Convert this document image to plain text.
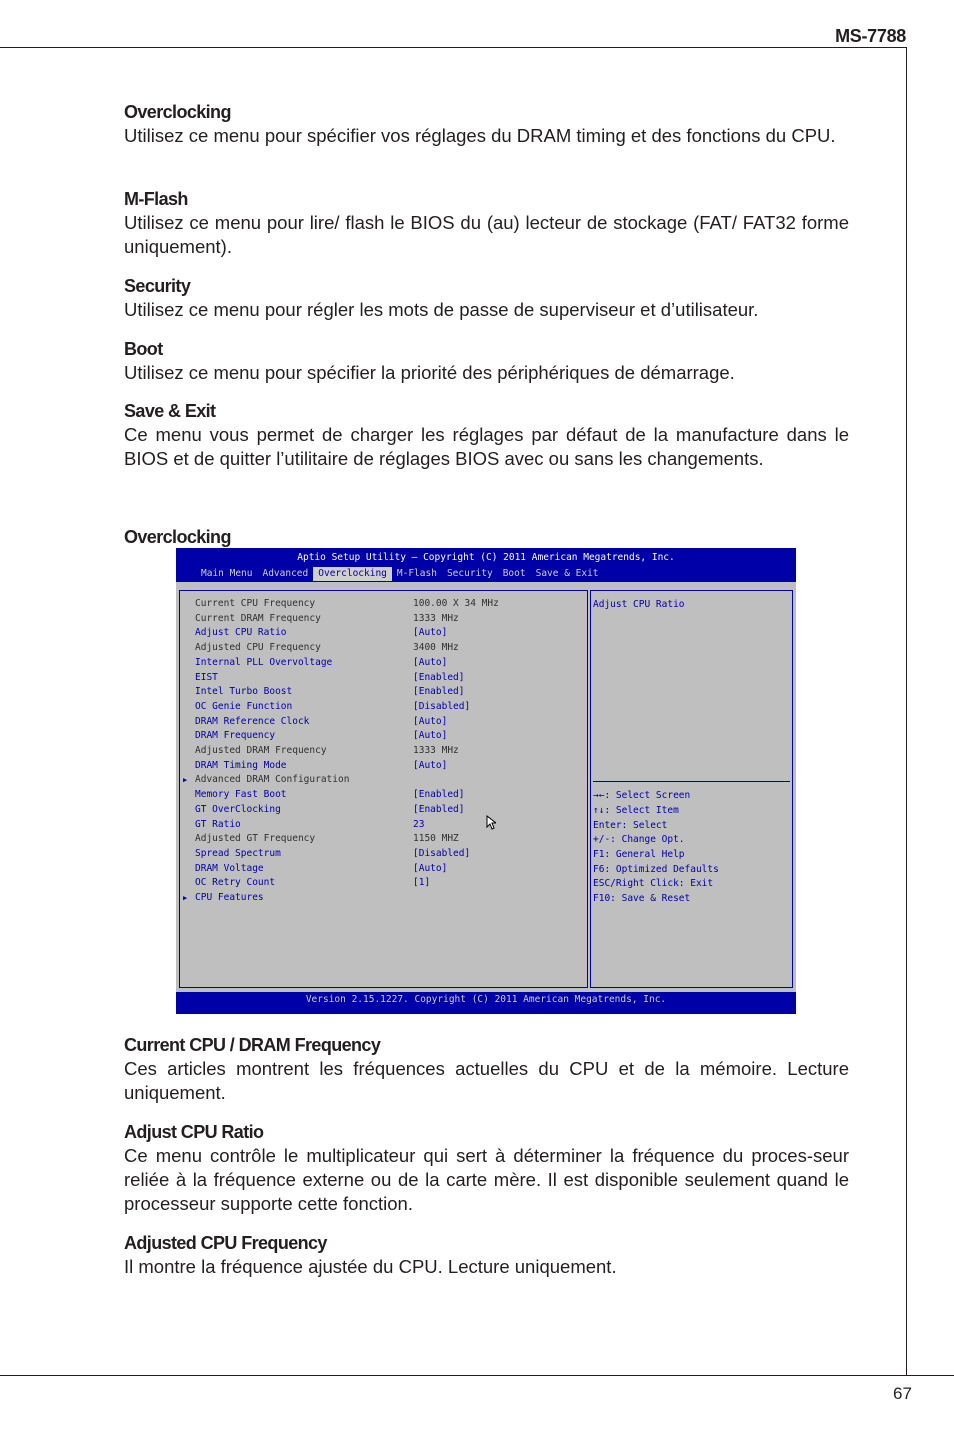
MS-7788
Overclocking

Utilisez ce menu pour spécifier vos réglages du DRAM timing et des fonctions du CPU.

M-Flash

Utilisez ce menu pour lire/ flash le BIOS du (au) lecteur de stockage (FAT/ FAT32 forme uniquement).

Security

Utilisez ce menu pour régler les mots de passe de superviseur et d’utilisateur.

Boot

Utilisez ce menu pour spécifier la priorité des périphériques de démarrage.

Save & Exit

Ce menu vous permet de charger les réglages par défaut de la manufacture dans le BIOS et de quitter l’utilitaire de réglages BIOS avec ou sans les changements.

Overclocking
Aptio Setup Utility – Copyright (C) 2011 American Megatrends, Inc.
Main Menu	Advanced	Overclocking	M-Flash	Security	Boot	Save & Exit
Current CPU Frequency	100.00 X 34 MHz
Current DRAM Frequency	1333 MHz
Adjust CPU Ratio	[Auto]
Adjusted CPU Frequency	3400 MHz
Internal PLL Overvoltage	[Auto]
EIST	[Enabled]
Intel Turbo Boost	[Enabled]
OC Genie Function	[Disabled]
DRAM Reference Clock	[Auto]
DRAM Frequency	[Auto]
Adjusted DRAM Frequency	1333 MHz
DRAM Timing Mode	[Auto]
▶ Advanced DRAM Configuration
Memory Fast Boot	[Enabled]
GT OverClocking	[Enabled]
GT Ratio	23
Adjusted GT Frequency	1150 MHZ
Spread Spectrum	[Disabled]
DRAM Voltage	[Auto]
OC Retry Count	[1]
▶ CPU Features
Adjust CPU Ratio
→←: Select Screen
↑↓: Select Item
Enter: Select
+/-: Change Opt.
F1: General Help
F6: Optimized Defaults
ESC/Right Click: Exit
F10: Save & Reset
Version 2.15.1227. Copyright (C) 2011 American Megatrends, Inc.
Current CPU / DRAM Frequency

Ces articles montrent les fréquences actuelles du CPU et de la mémoire. Lecture uniquement.

Adjust CPU Ratio

Ce menu contrôle le multiplicateur qui sert à déterminer la fréquence du proces-seur reliée à la fréquence externe ou de la carte mère. Il est disponible seulement quand le processeur supporte cette fonction.

Adjusted CPU Frequency

Il montre la fréquence ajustée du CPU. Lecture uniquement.

67
